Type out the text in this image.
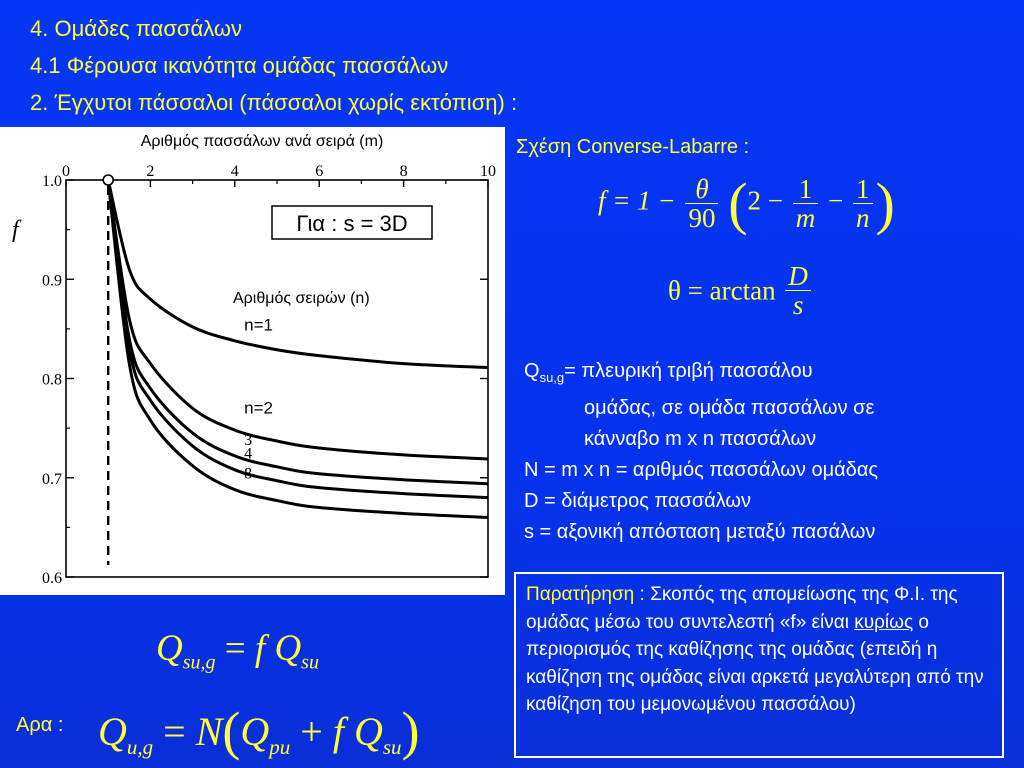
4. Ομάδες πασσάλων
4.1 Φέρουσα ικανότητα ομάδας πασσάλων
2. Έγχυτοι πάσσαλοι (πάσσαλοι χωρίς εκτόπιση) :
Αριθμός πασσάλων ανά σειρά (m)
f
0	2	4	6	8	10
0.6
0.7
0.8
0.9
1.0
n=1
n=2
3
4
8
Για : s = 3D
Αριθμός σειρών (n)
Σχέση Converse-Labarre :
$f = 1 - \frac{\theta}{90} (2 - \frac{1}{m} - \frac{1}{n}$ )
$\theta = \arctan \frac{D}{s}$
$Q_{su,g}= \pi\lambda\varepsilon\upsilon\rho\iota\kappa ή$ τριβή πασσάλου
ομάδας, σε ομάδα πασσάλων σε
κάνναβο m x n πασσάλων
N = m x n = αριθμός πασσάλων ομάδας
D = διάμετρος πασσάλων
s = αξονική απόσταση μεταξύ πασάλων
Παρατήρηση : Σκοπός της απομείωσης της Φ.Ι. της ομάδας μέσω του συντελεστή «f» είναι κυρίως ο περιορισμός της καθίζησης της ομάδας (επειδή η καθίζηση της ομάδας είναι αρκετά μεγαλύτερη από την καθίζηση του μεμονωμένου πασσάλου)
$Q_{su,g} = f$ $Q_{su}$
Αρα : $Q_{u,g} = N(Q_{pu} + f$ $Q_{su}$)
